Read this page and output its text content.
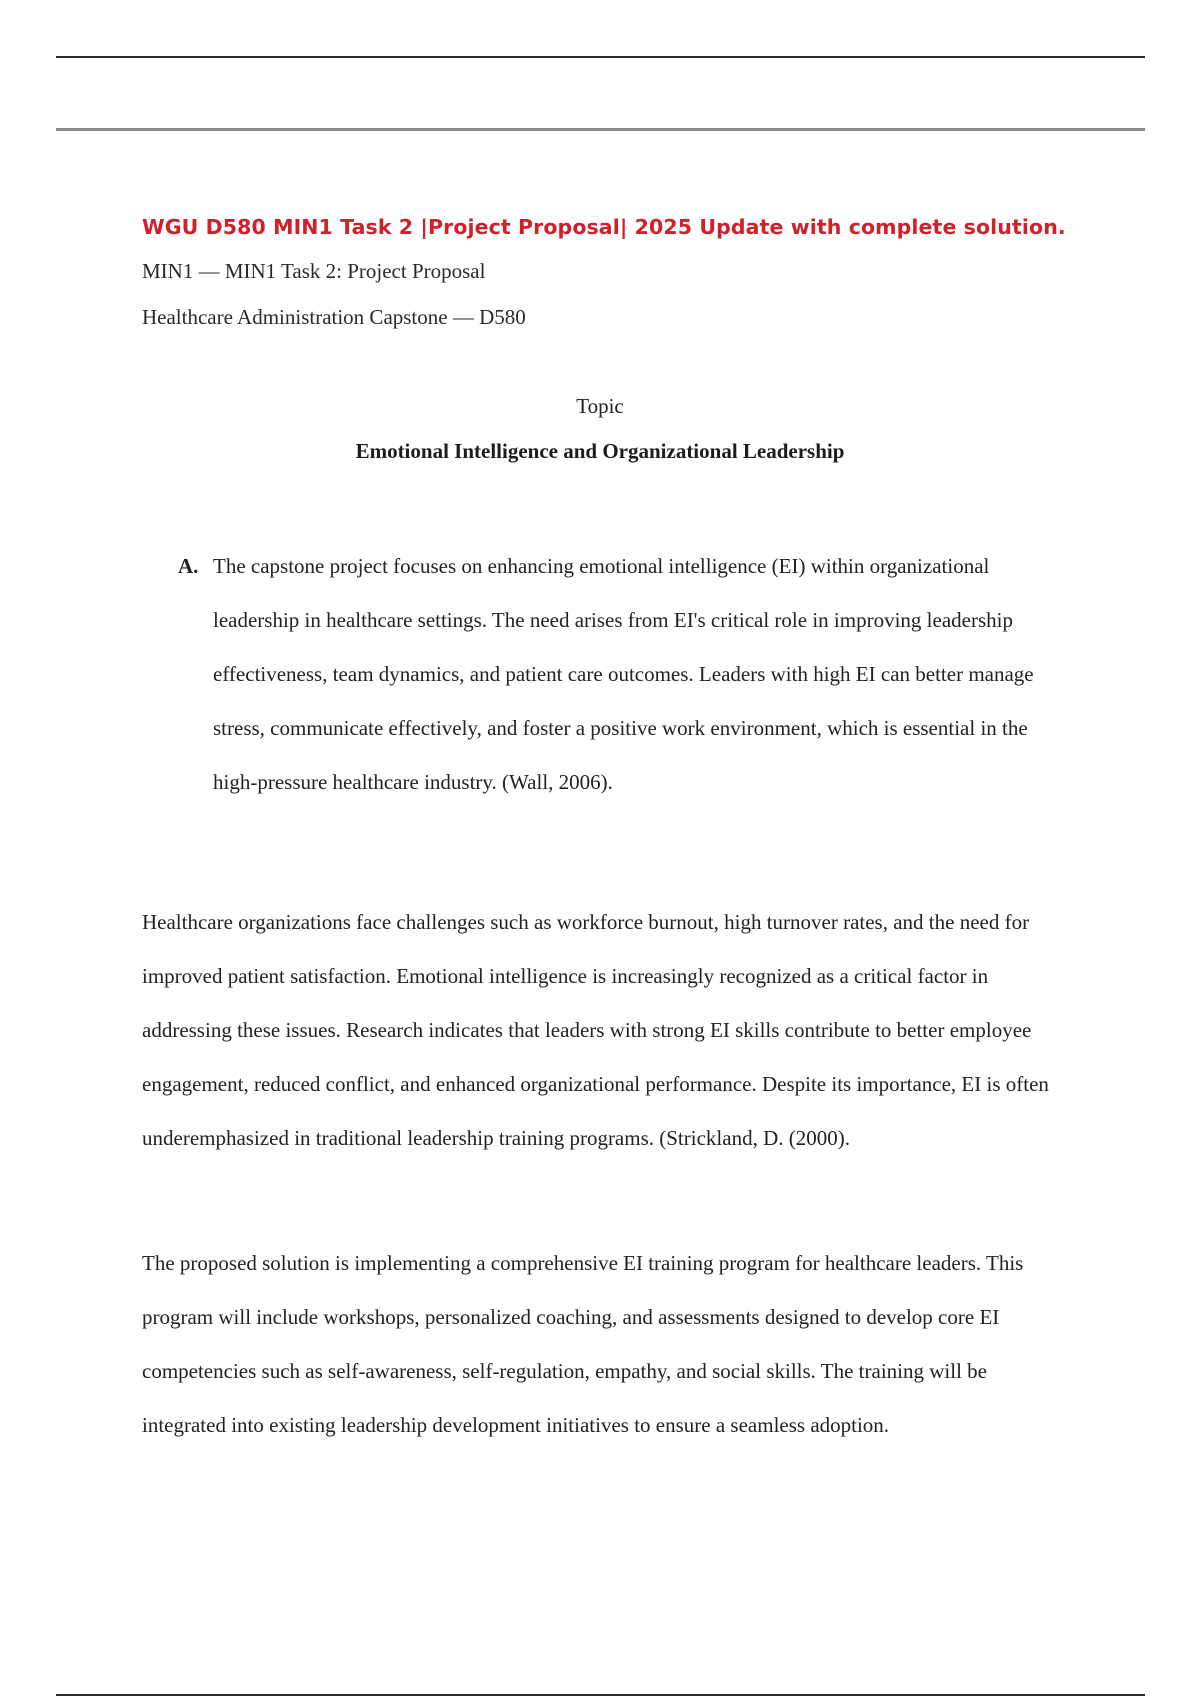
WGU D580 MIN1 Task 2 |Project Proposal| 2025 Update with complete solution.
MIN1 — MIN1 Task 2: Project Proposal
Healthcare Administration Capstone — D580
Topic
Emotional Intelligence and Organizational Leadership
A. The capstone project focuses on enhancing emotional intelligence (EI) within organizational leadership in healthcare settings. The need arises from EI's critical role in improving leadership effectiveness, team dynamics, and patient care outcomes. Leaders with high EI can better manage stress, communicate effectively, and foster a positive work environment, which is essential in the high-pressure healthcare industry. (Wall, 2006).

Healthcare organizations face challenges such as workforce burnout, high turnover rates, and the need for improved patient satisfaction. Emotional intelligence is increasingly recognized as a critical factor in addressing these issues. Research indicates that leaders with strong EI skills contribute to better employee engagement, reduced conflict, and enhanced organizational performance. Despite its importance, EI is often underemphasized in traditional leadership training programs. (Strickland, D. (2000).

The proposed solution is implementing a comprehensive EI training program for healthcare leaders. This program will include workshops, personalized coaching, and assessments designed to develop core EI competencies such as self-awareness, self-regulation, empathy, and social skills. The training will be integrated into existing leadership development initiatives to ensure a seamless adoption.
